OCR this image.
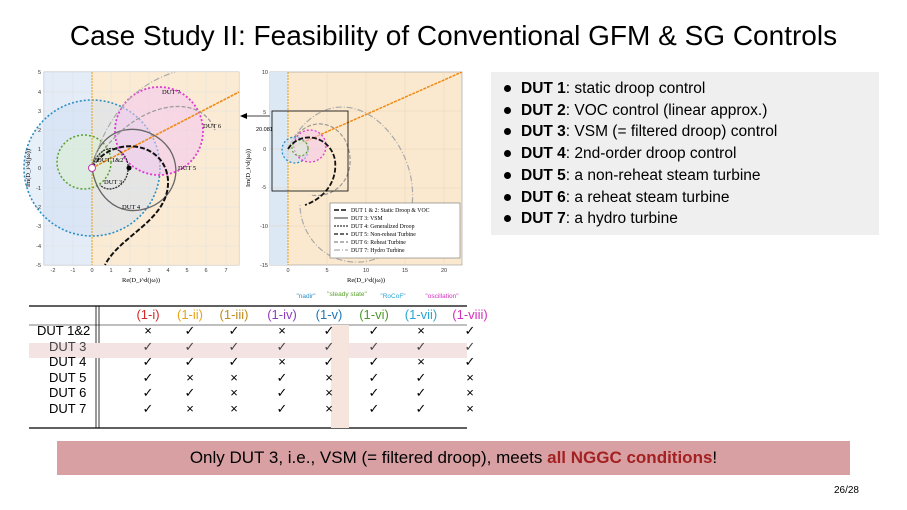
Case Study II: Feasibility of Conventional GFM & SG Controls
DUT 7
DUT 6
DUT 5
DUT 1&2
DUT 3
DUT 4
-2	-1	0	1	2	3	4	5	6	7
5
4
3
2
1
0
-1
-2
-3
-4
-5
Re(D_i^d(jω))
Im(D_i^d(jω))
20.081
5
0
-5
DUT 1 & 2: Static Droop & VOC
DUT 3: VSM
DUT 4: Generalized Droop
DUT 5: Non-reheat Turbine
DUT 6: Reheat Turbine
DUT 7: Hydro Turbine
0	5	10	15	20
10
-10
-15
Re(D_i^d(jω))
Im(D_i^d(jω))
"nadir" "steady state" "RoCoF"	"oscillation"
	(1-i)	(1-ii)	(1-iii)	(1-iv)	(1-v)	(1-vi)	(1-vii)	(1-viii)
DUT 1&2	×	✓	✓	×	✓	✓	×	✓
DUT 3	✓	✓	✓	✓	✓	✓	✓	✓
DUT 4	✓	✓	✓	×	✓	✓	×	✓
DUT 5	✓	×	×	✓	×	✓	✓	×
DUT 6	✓	✓	×	✓	×	✓	✓	×
DUT 7	✓	×	×	✓	×	✓	✓	×
DUT 1: static droop control
DUT 2: VOC control (linear approx.)
DUT 3: VSM (= filtered droop) control
DUT 4: 2nd-order droop control
DUT 5: a non-reheat steam turbine
DUT 6: a reheat steam turbine
DUT 7: a hydro turbine
Only DUT 3, i.e., VSM (= filtered droop), meets all NGGC conditions !
26/28
